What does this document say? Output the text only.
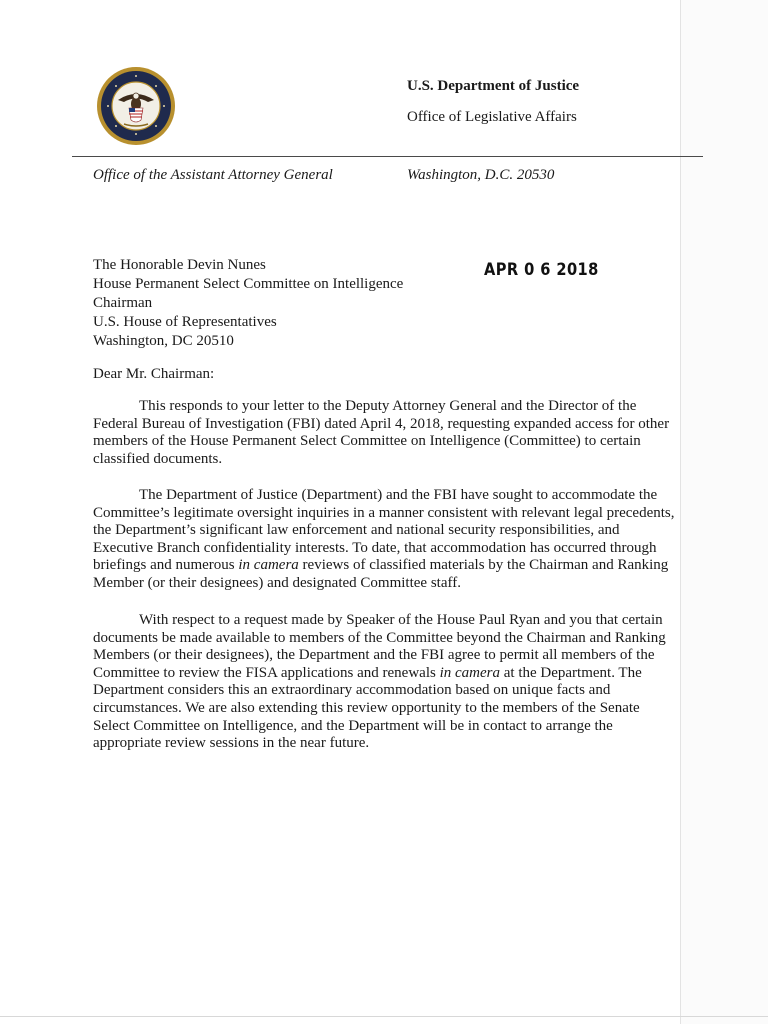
U.S. Department of Justice
Office of Legislative Affairs
Office of the Assistant Attorney General	Washington, D.C. 20530
APR 0 6 2018
The Honorable Devin Nunes
House Permanent Select Committee on Intelligence
Chairman
U.S. House of Representatives
Washington, DC 20510
Dear Mr. Chairman:
This responds to your letter to the Deputy Attorney General and the Director of the
Federal Bureau of Investigation (FBI) dated April 4, 2018, requesting expanded access for other
members of the House Permanent Select Committee on Intelligence (Committee) to certain
classified documents.
The Department of Justice (Department) and the FBI have sought to accommodate the
Committee’s legitimate oversight inquiries in a manner consistent with relevant legal precedents,
the Department’s significant law enforcement and national security responsibilities, and
Executive Branch confidentiality interests. To date, that accommodation has occurred through
briefings and numerous in camera reviews of classified materials by the Chairman and Ranking
Member (or their designees) and designated Committee staff.
With respect to a request made by Speaker of the House Paul Ryan and you that certain
documents be made available to members of the Committee beyond the Chairman and Ranking
Members (or their designees), the Department and the FBI agree to permit all members of the
Committee to review the FISA applications and renewals in camera at the Department. The
Department considers this an extraordinary accommodation based on unique facts and
circumstances. We are also extending this review opportunity to the members of the Senate
Select Committee on Intelligence, and the Department will be in contact to arrange the
appropriate review sessions in the near future.
